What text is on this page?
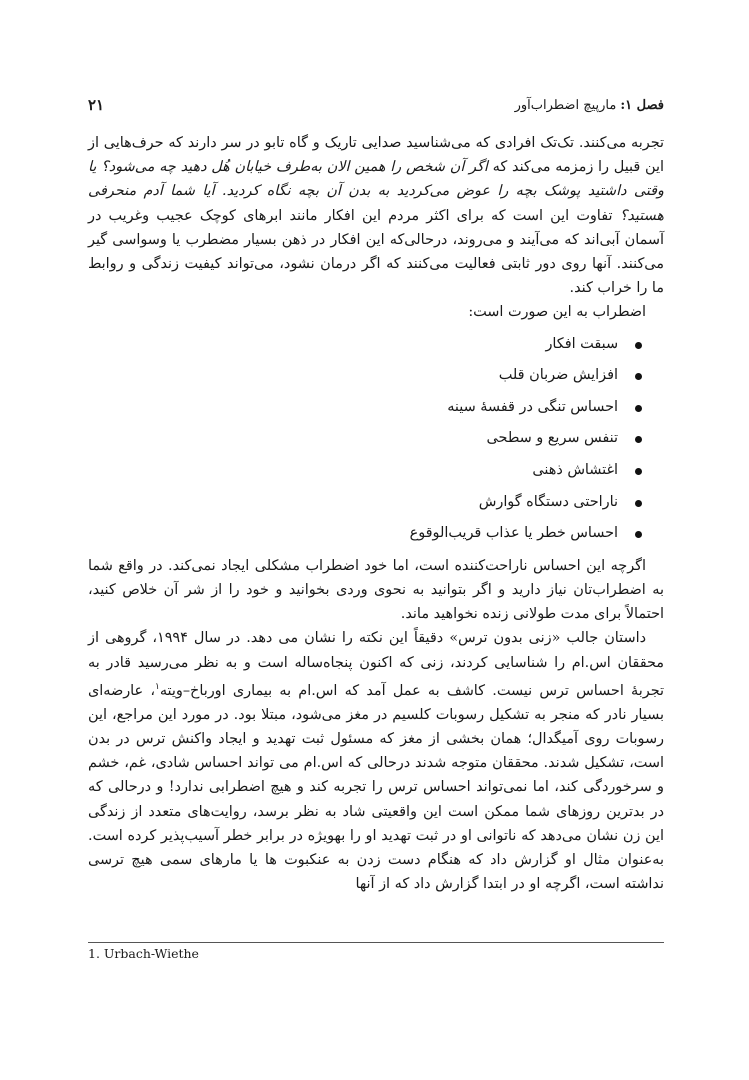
فصل ۱:
مارپیچ اضطراب‌آور
۲۱

تجربه می‌کنند. تک‌تک افرادی که می‌شناسید صدایی تاریک و گاه تابو در سر دارند که حرف‌هایی از این قبیل را زمزمه می‌کند که اگر آن شخص را همین الان به‌طرف خیابان هُل دهید چه می‌شود؟ یا وقتی داشتید پوشک بچه را عوض می‌کردید به بدن آن بچه نگاه کردید. آیا شما آدم منحرفی هستید؟ تفاوت این است که برای اکثر مردم این افکار مانند ابرهای کوچک عجیب وغریب در آسمان آبی‌اند که می‌آیند و می‌روند، درحالی‌که این افکار در ذهن بسیار مضطرب یا وسواسی گیر می‌کنند. آنها روی دور ثابتی فعالیت می‌کنند که اگر درمان نشود، می‌تواند کیفیت زندگی و روابط ما را خراب کند.

اضطراب به این صورت است:

سبقت افکار
افزایش ضربان قلب
احساس تنگی در قفسهٔ سینه
تنفس سریع و سطحی
اغتشاش ذهنی
ناراحتی دستگاه گوارش
احساس خطر یا عذاب قریب‌الوقوع

اگرچه این احساس ناراحت‌کننده است، اما خود اضطراب مشکلی ایجاد نمی‌کند. در واقع شما به اضطراب‌تان نیاز دارید و اگر بتوانید به نحوی وردی بخوانید و خود را از شر آن خلاص کنید، احتمالاً برای مدت طولانی زنده نخواهید ماند.

داستان جالب «زنی بدون ترس» دقیقاً این نکته را نشان می دهد. در سال ۱۹۹۴، گروهی از محققان اس.ام را شناسایی کردند، زنی که اکنون پنجاه‌ساله است و به نظر می‌رسید قادر به تجربهٔ احساس ترس نیست. کاشف به عمل آمد که اس.ام به بیماری اورباخ–ویته$^۱$، عارضه‌ای بسیار نادر که منجر به تشکیل رسوبات کلسیم در مغز می‌شود، مبتلا بود. در مورد این مراجع، این رسوبات روی آمیگدال؛ همان بخشی از مغز که مسئول ثبت تهدید و ایجاد واکنش ترس در بدن است، تشکیل شدند. محققان متوجه شدند درحالی که اس.ام می تواند احساس شادی، غم، خشم و سرخوردگی کند، اما نمی‌تواند احساس ترس را تجربه کند و هیچ اضطرابی ندارد! و درحالی که در بدترین روزهای شما ممکن است این واقعیتی شاد به نظر برسد، روایت‌های متعدد از زندگی این زن نشان می‌دهد که ناتوانی او در ثبت تهدید او را بهویژه در برابر خطر آسیب‌پذیر کرده است. به‌عنوان مثال او گزارش داد که هنگام دست زدن به عنکبوت ها یا مارهای سمی هیچ ترسی نداشته است، اگرچه او در ابتدا گزارش داد که از آنها

1. Urbach-Wiethe
